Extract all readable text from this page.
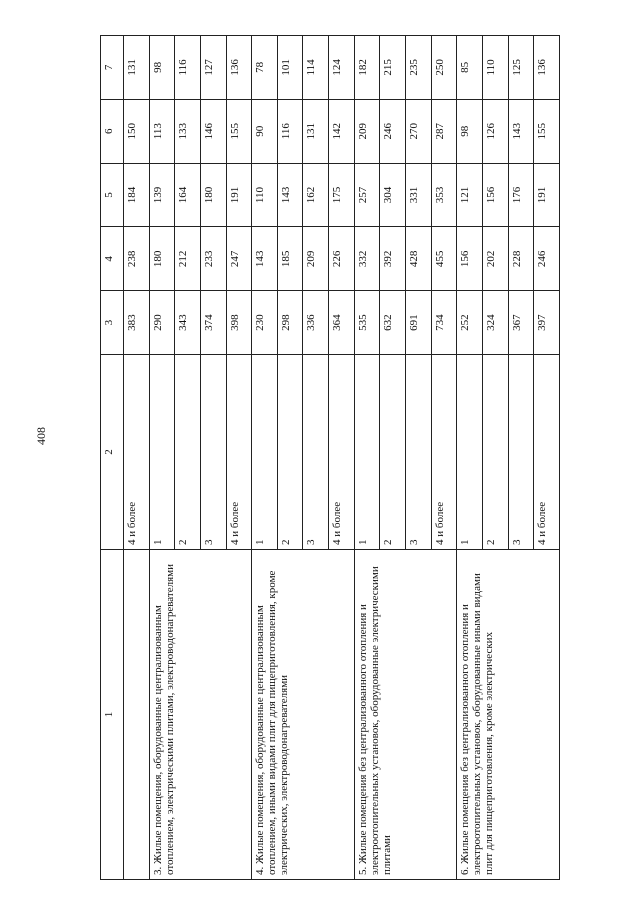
408
1	2	3	4	5	6	7
	4 и более	383	238	184	150	131
3. Жилые помещения, оборудованные централизованным отоплением, электрическими плитами, электроводонагревателями	1	290	180	139	113	98
	2	343	212	164	133	116
	3	374	233	180	146	127
	4 и более	398	247	191	155	136
4. Жилые помещения, оборудованные централизованным отоплением, иными видами плит для пищеприготовления, кроме электрических, электроводонагревателями	1	230	143	110	90	78
	2	298	185	143	116	101
	3	336	209	162	131	114
	4 и более	364	226	175	142	124
5. Жилые помещения без централизованного отопления и электроотопительных установок, оборудованные электрическими плитами	1	535	332	257	209	182
	2	632	392	304	246	215
	3	691	428	331	270	235
	4 и более	734	455	353	287	250
6. Жилые помещения без централизованного отопления и электроотопительных установок, оборудованные иными видами плит для пищеприготовления, кроме электрических	1	252	156	121	98	85
	2	324	202	156	126	110
	3	367	228	176	143	125
	4 и более	397	246	191	155	136
